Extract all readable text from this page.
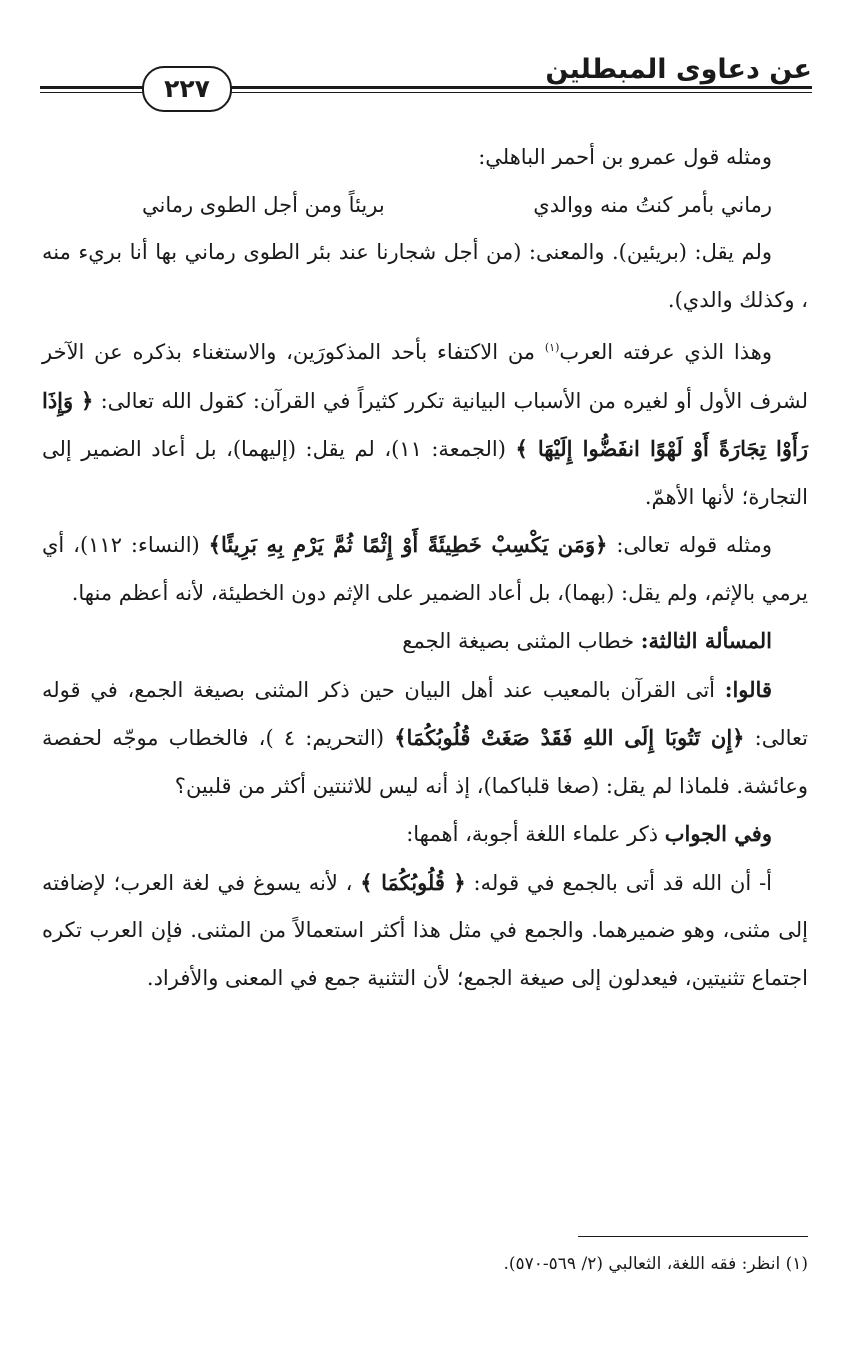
عن دعاوى المبطلين
٢٢٧

ومثله قول عمرو بن أحمر الباهلي:

رماني بأمر كنتُ منه ووالدي
بريئاً ومن أجل الطوى رماني

ولم يقل: (بريئين). والمعنى: (من أجل شجارنا عند بئر الطوى رماني بها أنا بريء منه ، وكذلك والدي).

وهذا الذي عرفته العرب$^{(١)}$ من الاكتفاء بأحد المذكورَين، والاستغناء بذكره عن الآخر لشرف الأول أو لغيره من الأسباب البيانية تكرر كثيراً في القرآن: كقول الله تعالى: ﴿ وَإِذَا رَأَوْا تِجَارَةً أَوْ لَهْوًا انفَضُّوا إِلَيْهَا ﴾ (الجمعة: ١١)، لم يقل: (إليهما)، بل أعاد الضمير إلى التجارة؛ لأنها الأهمّ.

ومثله قوله تعالى: ﴿وَمَن يَكْسِبْ خَطِيئَةً أَوْ إِثْمًا ثُمَّ يَرْمِ بِهِ بَرِيئًا﴾ (النساء: ١١٢)، أي يرمي بالإثم، ولم يقل: (بهما)، بل أعاد الضمير على الإثم دون الخطيئة، لأنه أعظم منها.

المسألة الثالثة: خطاب المثنى بصيغة الجمع

قالوا: أتى القرآن بالمعيب عند أهل البيان حين ذكر المثنى بصيغة الجمع، في قوله تعالى: ﴿إِن تَتُوبَا إِلَى اللهِ فَقَدْ صَغَتْ قُلُوبُكُمَا﴾ (التحريم: ٤ )، فالخطاب موجّه لحفصة وعائشة. فلماذا لم يقل: (صغا قلباكما)، إذ أنه ليس للاثنتين أكثر من قلبين؟

وفي الجواب ذكر علماء اللغة أجوبة، أهمها:

أ- أن الله قد أتى بالجمع في قوله: ﴿ قُلُوبُكُمَا ﴾ ، لأنه يسوغ في لغة العرب؛ لإضافته إلى مثنى، وهو ضميرهما. والجمع في مثل هذا أكثر استعمالاً من المثنى. فإن العرب تكره اجتماع تثنيتين، فيعدلون إلى صيغة الجمع؛ لأن التثنية جمع في المعنى والأفراد.

(١) انظر: فقه اللغة، الثعالبي (٢/ ٥٦٩-٥٧٠).
